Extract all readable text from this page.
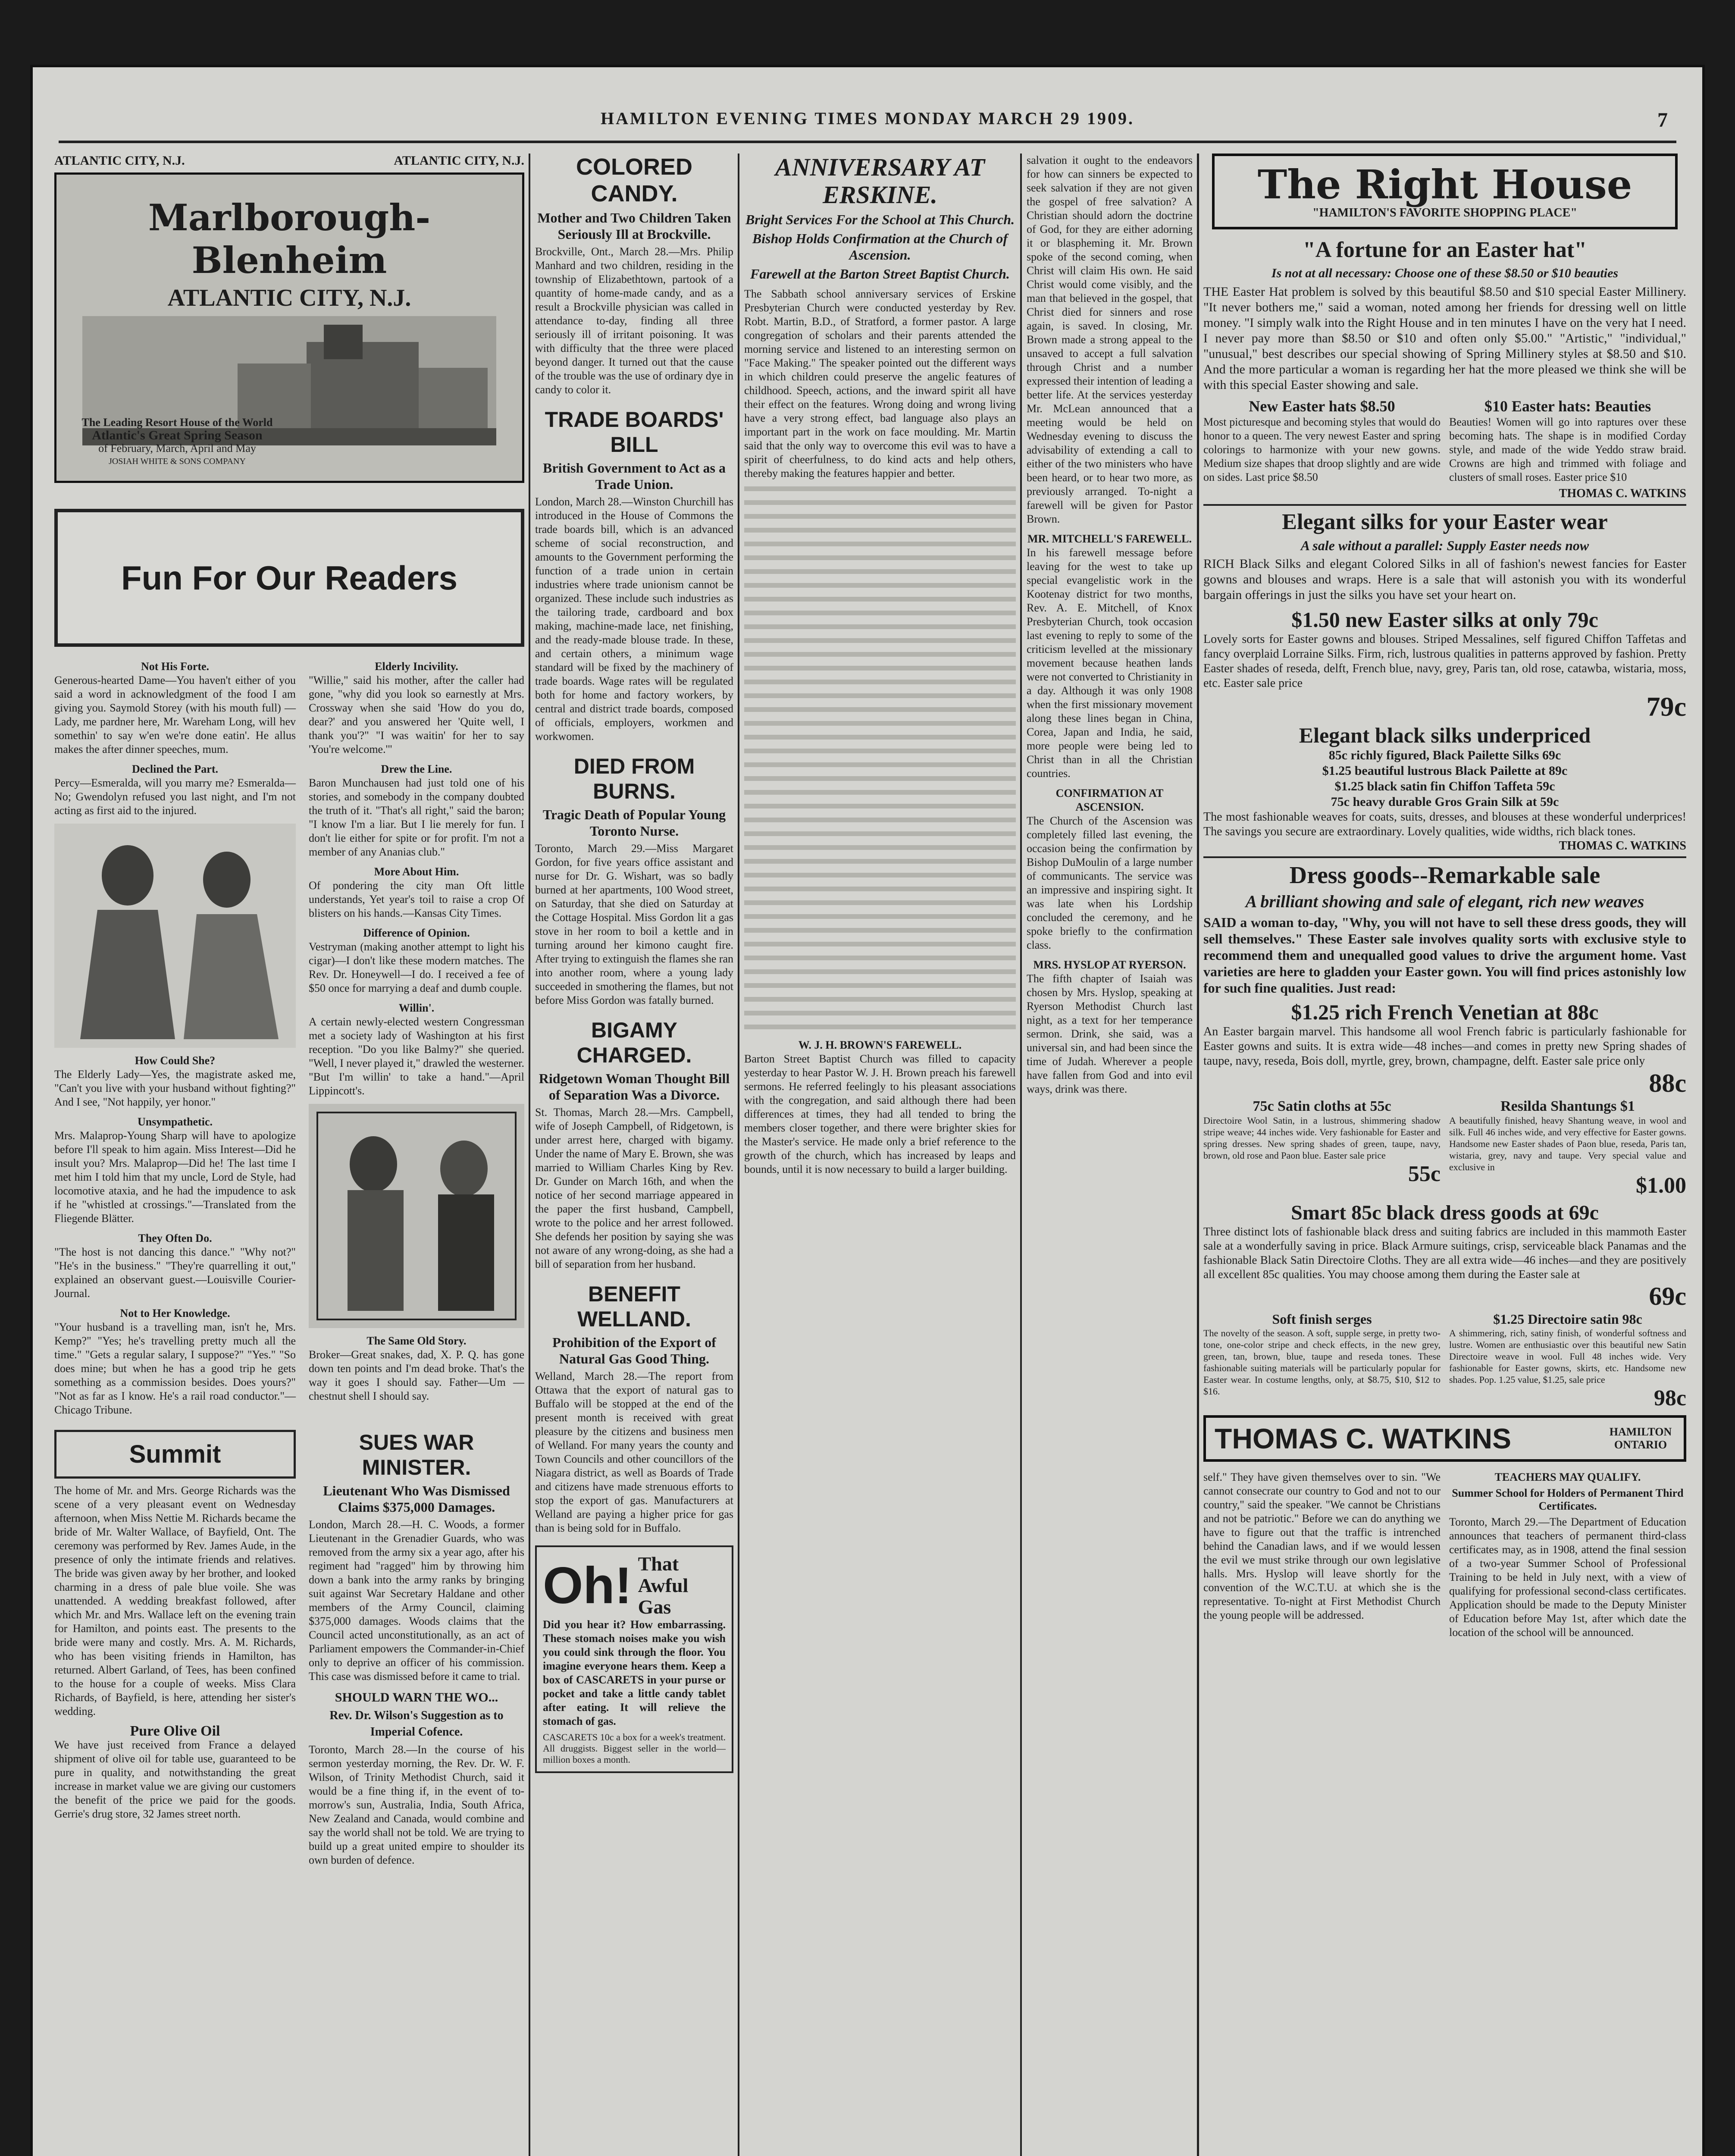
HAMILTON EVENING TIMES MONDAY MARCH 29 1909.	7
ATLANTIC CITY, N.J.	ATLANTIC CITY, N.J.
Marlborough-Blenheim
ATLANTIC CITY, N.J.
The Leading Resort House of the World
Atlantic's Great Spring Season
of February, March, April and May
JOSIAH WHITE & SONS COMPANY
Fun For Our Readers
Not His Forte.
Generous-hearted Dame—You haven't either of you said a word in acknowledgment of the food I am giving you. Saymold Storey (with his mouth full) —Lady, me pardner here, Mr. Wareham Long, will hev somethin' to say w'en we're done eatin'. He allus makes the after dinner speeches, mum.
Declined the Part.
Percy—Esmeralda, will you marry me? Esmeralda—No; Gwendolyn refused you last night, and I'm not acting as first aid to the injured.
How Could She?
The Elderly Lady—Yes, the magistrate asked me, "Can't you live with your husband without fighting?" And I see, "Not happily, yer honor."
Unsympathetic.
Mrs. Malaprop-Young Sharp will have to apologize before I'll speak to him again. Miss Interest—Did he insult you? Mrs. Malaprop—Did he! The last time I met him I told him that my uncle, Lord de Style, had locomotive ataxia, and he had the impudence to ask if he "whistled at crossings."—Translated from the Fliegende Blätter.
They Often Do.
"The host is not dancing this dance." "Why not?" "He's in the business." "They're quarrelling it out," explained an observant guest.—Louisville Courier-Journal.
Not to Her Knowledge.
"Your husband is a travelling man, isn't he, Mrs. Kemp?" "Yes; he's travelling pretty much all the time." "Gets a regular salary, I suppose?" "Yes." "So does mine; but when he has a good trip he gets something as a commission besides. Does yours?" "Not as far as I know. He's a rail road conductor."—Chicago Tribune.
Elderly Incivility.
"Willie," said his mother, after the caller had gone, "why did you look so earnestly at Mrs. Crossway when she said 'How do you do, dear?' and you answered her 'Quite well, I thank you'?" "I was waitin' for her to say 'You're welcome.'"
Drew the Line.
Baron Munchausen had just told one of his stories, and somebody in the company doubted the truth of it. "That's all right," said the baron; "I know I'm a liar. But I lie merely for fun. I don't lie either for spite or for profit. I'm not a member of any Ananias club."
More About Him.
Of pondering the city man Oft little understands, Yet year's toil to raise a crop Of blisters on his hands.—Kansas City Times.
Difference of Opinion.
Vestryman (making another attempt to light his cigar)—I don't like these modern matches. The Rev. Dr. Honeywell—I do. I received a fee of $50 once for marrying a deaf and dumb couple.
Willin'.
A certain newly-elected western Congressman met a society lady of Washington at his first reception. "Do you like Balmy?" she queried. "Well, I never played it," drawled the westerner. "But I'm willin' to take a hand."—April Lippincott's.
The Same Old Story.
Broker—Great snakes, dad, X. P. Q. has gone down ten points and I'm dead broke. That's the way it goes I should say. Father—Um — chestnut shell I should say.
Summit
The home of Mr. and Mrs. George Richards was the scene of a very pleasant event on Wednesday afternoon, when Miss Nettie M. Richards became the bride of Mr. Walter Wallace, of Bayfield, Ont. The ceremony was performed by Rev. James Aude, in the presence of only the intimate friends and relatives. The bride was given away by her brother, and looked charming in a dress of pale blue voile. She was unattended. A wedding breakfast followed, after which Mr. and Mrs. Wallace left on the evening train for Hamilton, and points east. The presents to the bride were many and costly. Mrs. A. M. Richards, who has been visiting friends in Hamilton, has returned. Albert Garland, of Tees, has been confined to the house for a couple of weeks. Miss Clara Richards, of Bayfield, is here, attending her sister's wedding.
Pure Olive Oil
We have just received from France a delayed shipment of olive oil for table use, guaranteed to be pure in quality, and notwithstanding the great increase in market value we are giving our customers the benefit of the price we paid for the goods. Gerrie's drug store, 32 James street north.
SUES WAR MINISTER.
Lieutenant Who Was Dismissed Claims $375,000 Damages.
London, March 28.—H. C. Woods, a former Lieutenant in the Grenadier Guards, who was removed from the army six a year ago, after his regiment had "ragged" him by throwing him down a bank into the army ranks by bringing suit against War Secretary Haldane and other members of the Army Council, claiming $375,000 damages. Woods claims that the Council acted unconstitutionally, as an act of Parliament empowers the Commander-in-Chief only to deprive an officer of his commission. This case was dismissed before it came to trial.
SHOULD WARN THE WO...
Rev. Dr. Wilson's Suggestion as to Imperial Cofence.
Toronto, March 28.—In the course of his sermon yesterday morning, the Rev. Dr. W. F. Wilson, of Trinity Methodist Church, said it would be a fine thing if, in the event of to-morrow's sun, Australia, India, South Africa, New Zealand and Canada, would combine and say the world shall not be told. We are trying to build up a great united empire to shoulder its own burden of defence.
COLORED CANDY.
Mother and Two Children Taken Seriously Ill at Brockville.
Brockville, Ont., March 28.—Mrs. Philip Manhard and two children, residing in the township of Elizabethtown, partook of a quantity of home-made candy, and as a result a Brockville physician was called in attendance to-day, finding all three seriously ill of irritant poisoning. It was with difficulty that the three were placed beyond danger. It turned out that the cause of the trouble was the use of ordinary dye in candy to color it.
TRADE BOARDS' BILL
British Government to Act as a Trade Union.
London, March 28.—Winston Churchill has introduced in the House of Commons the trade boards bill, which is an advanced scheme of social reconstruction, and amounts to the Government performing the function of a trade union in certain industries where trade unionism cannot be organized. These include such industries as the tailoring trade, cardboard and box making, machine-made lace, net finishing, and the ready-made blouse trade. In these, and certain others, a minimum wage standard will be fixed by the machinery of trade boards. Wage rates will be regulated both for home and factory workers, by central and district trade boards, composed of officials, employers, workmen and workwomen.
DIED FROM BURNS.
Tragic Death of Popular Young Toronto Nurse.
Toronto, March 29.—Miss Margaret Gordon, for five years office assistant and nurse for Dr. G. Wishart, was so badly burned at her apartments, 100 Wood street, on Saturday, that she died on Saturday at the Cottage Hospital. Miss Gordon lit a gas stove in her room to boil a kettle and in turning around her kimono caught fire. After trying to extinguish the flames she ran into another room, where a young lady succeeded in smothering the flames, but not before Miss Gordon was fatally burned.
BIGAMY CHARGED.
Ridgetown Woman Thought Bill of Separation Was a Divorce.
St. Thomas, March 28.—Mrs. Campbell, wife of Joseph Campbell, of Ridgetown, is under arrest here, charged with bigamy. Under the name of Mary E. Brown, she was married to William Charles King by Rev. Dr. Gunder on March 16th, and when the notice of her second marriage appeared in the paper the first husband, Campbell, wrote to the police and her arrest followed. She defends her position by saying she was not aware of any wrong-doing, as she had a bill of separation from her husband.
BENEFIT WELLAND.
Prohibition of the Export of Natural Gas Good Thing.
Welland, March 28.—The report from Ottawa that the export of natural gas to Buffalo will be stopped at the end of the present month is received with great pleasure by the citizens and business men of Welland. For many years the county and Town Councils and other councillors of the Niagara district, as well as Boards of Trade and citizens have made strenuous efforts to stop the export of gas. Manufacturers at Welland are paying a higher price for gas than is being sold for in Buffalo.
Oh! That Awful Gas
Did you hear it? How embarrassing. These stomach noises make you wish you could sink through the floor. You imagine everyone hears them. Keep a box of CASCARETS in your purse or pocket and take a little candy tablet after eating. It will relieve the stomach of gas.
CASCARETS 10c a box for a week's treatment. All druggists. Biggest seller in the world—million boxes a month.
ANNIVERSARY AT ERSKINE.
Bright Services For the School at This Church.
Bishop Holds Confirmation at the Church of Ascension.
Farewell at the Barton Street Baptist Church.
The Sabbath school anniversary services of Erskine Presbyterian Church were conducted yesterday by Rev. Robt. Martin, B.D., of Stratford, a former pastor. A large congregation of scholars and their parents attended the morning service and listened to an interesting sermon on "Face Making." The speaker pointed out the different ways in which children could preserve the angelic features of childhood. Speech, actions, and the inward spirit all have their effect on the features. Wrong doing and wrong living have a very strong effect, bad language also plays an important part in the work on face moulding. Mr. Martin said that the only way to overcome this evil was to have a spirit of cheerfulness, to do kind acts and help others, thereby making the features happier and better.
W. J. H. BROWN'S FAREWELL.
Barton Street Baptist Church was filled to capacity yesterday to hear Pastor W. J. H. Brown preach his farewell sermons. He referred feelingly to his pleasant associations with the congregation, and said although there had been differences at times, they had all tended to bring the members closer together, and there were brighter skies for the Master's service. He made only a brief reference to the growth of the church, which has increased by leaps and bounds, until it is now necessary to build a larger building.
salvation it ought to the endeavors for how can sinners be expected to seek salvation if they are not given the gospel of free salvation? A Christian should adorn the doctrine of God, for they are either adorning it or blaspheming it. Mr. Brown spoke of the second coming, when Christ will claim His own. He said Christ would come visibly, and the man that believed in the gospel, that Christ died for sinners and rose again, is saved. In closing, Mr. Brown made a strong appeal to the unsaved to accept a full salvation through Christ and a number expressed their intention of leading a better life. At the services yesterday Mr. McLean announced that a meeting would be held on Wednesday evening to discuss the advisability of extending a call to either of the two ministers who have been heard, or to hear two more, as previously arranged. To-night a farewell will be given for Pastor Brown.
MR. MITCHELL'S FAREWELL.
In his farewell message before leaving for the west to take up special evangelistic work in the Kootenay district for two months, Rev. A. E. Mitchell, of Knox Presbyterian Church, took occasion last evening to reply to some of the criticism levelled at the missionary movement because heathen lands were not converted to Christianity in a day. Although it was only 1908 when the first missionary movement along these lines began in China, Corea, Japan and India, he said, more people were being led to Christ than in all the Christian countries.
CONFIRMATION AT ASCENSION.
The Church of the Ascension was completely filled last evening, the occasion being the confirmation by Bishop DuMoulin of a large number of communicants. The service was an impressive and inspiring sight. It was late when his Lordship concluded the ceremony, and he spoke briefly to the confirmation class.
MRS. HYSLOP AT RYERSON.
The fifth chapter of Isaiah was chosen by Mrs. Hyslop, speaking at Ryerson Methodist Church last night, as a text for her temperance sermon. Drink, she said, was a universal sin, and had been since the time of Judah. Wherever a people have fallen from God and into evil ways, drink was there.
The Right House
"HAMILTON'S FAVORITE SHOPPING PLACE"
"A fortune for an Easter hat"
Is not at all necessary: Choose one of these $8.50 or $10 beauties
THE Easter Hat problem is solved by this beautiful $8.50 and $10 special Easter Millinery. "It never bothers me," said a woman, noted among her friends for dressing well on little money. "I simply walk into the Right House and in ten minutes I have on the very hat I need. I never pay more than $8.50 or $10 and often only $5.00." "Artistic," "individual," "unusual," best describes our special showing of Spring Millinery styles at $8.50 and $10. And the more particular a woman is regarding her hat the more pleased we think she will be with this special Easter showing and sale.
New Easter hats $8.50
Most picturesque and becoming styles that would do honor to a queen. The very newest Easter and spring colorings to harmonize with your new gowns. Medium size shapes that droop slightly and are wide on sides. Last price $8.50
$10 Easter hats: Beauties
Beauties! Women will go into raptures over these becoming hats. The shape is in modified Corday style, and made of the wide Yeddo straw braid. Crowns are high and trimmed with foliage and clusters of small roses. Easter price $10
THOMAS C. WATKINS
Elegant silks for your Easter wear
A sale without a parallel: Supply Easter needs now
RICH Black Silks and elegant Colored Silks in all of fashion's newest fancies for Easter gowns and blouses and wraps. Here is a sale that will astonish you with its wonderful bargain offerings in just the silks you have set your heart on.
$1.50 new Easter silks at only 79c
Lovely sorts for Easter gowns and blouses. Striped Messalines, self figured Chiffon Taffetas and fancy overplaid Lorraine Silks. Firm, rich, lustrous qualities in patterns approved by fashion. Pretty Easter shades of reseda, delft, French blue, navy, grey, Paris tan, old rose, catawba, wistaria, moss, etc. Easter sale price
79c
Elegant black silks underpriced
85c richly figured, Black Pailette Silks 69c
$1.25 beautiful lustrous Black Pailette at 89c
$1.25 black satin fin Chiffon Taffeta 59c
75c heavy durable Gros Grain Silk at 59c
The most fashionable weaves for coats, suits, dresses, and blouses at these wonderful underprices! The savings you secure are extraordinary. Lovely qualities, wide widths, rich black tones.
THOMAS C. WATKINS
Dress goods--Remarkable sale
A brilliant showing and sale of elegant, rich new weaves
SAID a woman to-day, "Why, you will not have to sell these dress goods, they will sell themselves." These Easter sale involves quality sorts with exclusive style to recommend them and unequalled good values to drive the argument home. Vast varieties are here to gladden your Easter gown. You will find prices astonishly low for such fine qualities. Just read:
$1.25 rich French Venetian at 88c
An Easter bargain marvel. This handsome all wool French fabric is particularly fashionable for Easter gowns and suits. It is extra wide—48 inches—and comes in pretty new Spring shades of taupe, navy, reseda, Bois doll, myrtle, grey, brown, champagne, delft. Easter sale price only
88c
75c Satin cloths at 55c
Directoire Wool Satin, in a lustrous, shimmering shadow stripe weave; 44 inches wide. Very fashionable for Easter and spring dresses. New spring shades of green, taupe, navy, brown, old rose and Paon blue. Easter sale price
55c
Resilda Shantungs $1
A beautifully finished, heavy Shantung weave, in wool and silk. Full 46 inches wide, and very effective for Easter gowns. Handsome new Easter shades of Paon blue, reseda, Paris tan, wistaria, grey, navy and taupe. Very special value and exclusive in
$1.00
Smart 85c black dress goods at 69c
Three distinct lots of fashionable black dress and suiting fabrics are included in this mammoth Easter sale at a wonderfully saving in price. Black Armure suitings, crisp, serviceable black Panamas and the fashionable Black Satin Directoire Cloths. They are all extra wide—46 inches—and they are positively all excellent 85c qualities. You may choose among them during the Easter sale at
69c
Soft finish serges
The novelty of the season. A soft, supple serge, in pretty two-tone, one-color stripe and check effects, in the new grey, green, tan, brown, blue, taupe and reseda tones. These fashionable suiting materials will be particularly popular for Easter wear. In costume lengths, only, at $8.75, $10, $12 to $16.
$1.25 Directoire satin 98c
A shimmering, rich, satiny finish, of wonderful softness and lustre. Women are enthusiastic over this beautiful new Satin Directoire weave in wool. Full 48 inches wide. Very fashionable for Easter gowns, skirts, etc. Handsome new shades. Pop. 1.25 value, $1.25, sale price
98c
THOMAS C. WATKINS	HAMILTON ONTARIO
self." They have given themselves over to sin. "We cannot consecrate our country to God and not to our country," said the speaker. "We cannot be Christians and not be patriotic." Before we can do anything we have to figure out that the traffic is intrenched behind the Canadian laws, and if we would lessen the evil we must strike through our own legislative halls. Mrs. Hyslop will leave shortly for the convention of the W.C.T.U. at which she is the representative. To-night at First Methodist Church the young people will be addressed.
TEACHERS MAY QUALIFY.
Summer School for Holders of Permanent Third Certificates.
Toronto, March 29.—The Department of Education announces that teachers of permanent third-class certificates may, as in 1908, attend the final session of a two-year Summer School of Professional Training to be held in July next, with a view of qualifying for professional second-class certificates. Application should be made to the Deputy Minister of Education before May 1st, after which date the location of the school will be announced.
